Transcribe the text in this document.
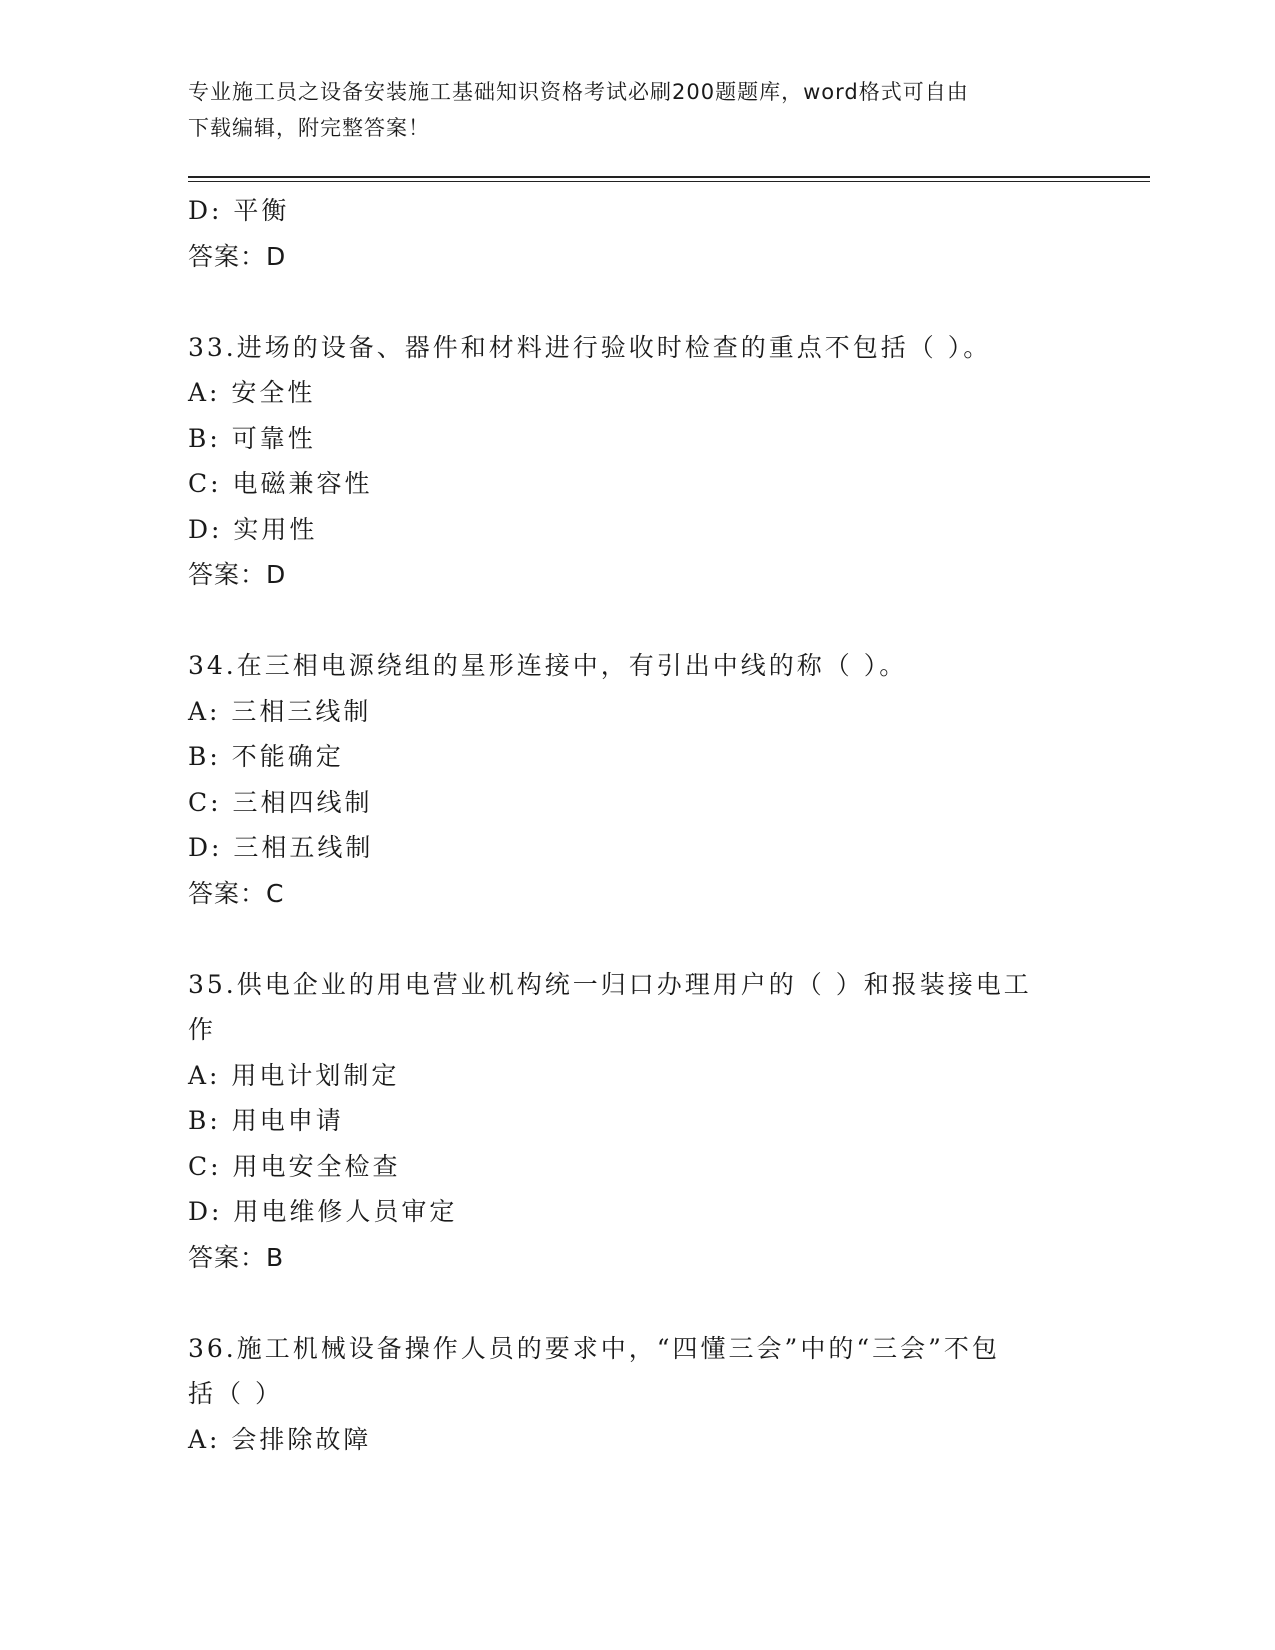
专业施工员之设备安装施工基础知识资格考试必刷200题题库，word格式可自由
下载编辑，附完整答案！
D: 平衡
答案：D
33.进场的设备、器件和材料进行验收时检查的重点不包括（ ）。
A: 安全性
B: 可靠性
C: 电磁兼容性
D: 实用性
答案：D
34.在三相电源绕组的星形连接中，有引出中线的称（ ）。
A: 三相三线制
B: 不能确定
C: 三相四线制
D: 三相五线制
答案：C
35.供电企业的用电营业机构统一归口办理用户的（ ）和报装接电工
作
A: 用电计划制定
B: 用电申请
C: 用电安全检查
D: 用电维修人员审定
答案：B
36.施工机械设备操作人员的要求中，“四懂三会”中的“三会”不包
括（ ）
A: 会排除故障
